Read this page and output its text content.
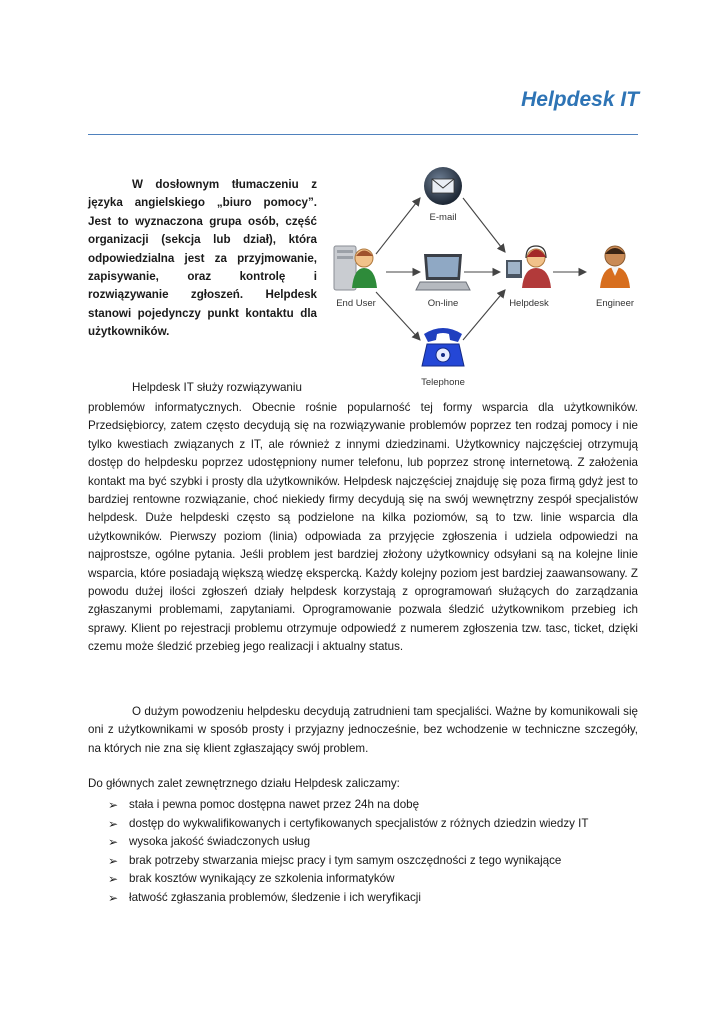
Helpdesk IT

W dosłownym tłumaczeniu z języka angielskiego „biuro pomocy”. Jest to wyznaczona grupa osób, część organizacji (sekcja lub dział), która odpowiedzialna jest za przyjmowanie, zapisywanie, oraz kontrolę i rozwiązywanie zgłoszeń. Helpdesk stanowi pojedynczy punkt kontaktu dla użytkowników.

E-mail
End User	On-line	Helpdesk	Engineer
Telephone

Helpdesk IT służy rozwiązywaniu

problemów informatycznych. Obecnie rośnie popularność tej formy wsparcia dla użytkowników. Przedsiębiorcy, zatem często decydują się na rozwiązywanie problemów poprzez ten rodzaj pomocy i nie tylko kwestiach związanych z IT, ale również z innymi dziedzinami. Użytkownicy najczęściej otrzymują dostęp do helpdesku poprzez udostępniony numer telefonu, lub poprzez stronę internetową. Z założenia kontakt ma być szybki i prosty dla użytkowników. Helpdesk najczęściej znajduję się poza firmą gdyż jest to bardziej rentowne rozwiązanie, choć niekiedy firmy decydują się na swój wewnętrzny zespół specjalistów helpdesk. Duże helpdeski często są podzielone na kilka poziomów, są to tzw. linie wsparcia dla użytkowników. Pierwszy poziom (linia) odpowiada za przyjęcie zgłoszenia i udziela odpowiedzi na najprostsze, ogólne pytania. Jeśli problem jest bardziej złożony użytkownicy odsyłani są na kolejne linie wsparcia, które posiadają większą wiedzę ekspercką. Każdy kolejny poziom jest bardziej zaawansowany. Z powodu dużej ilości zgłoszeń działy helpdesk korzystają z oprogramowań służących do zarządzania zgłaszanymi problemami, zapytaniami. Oprogramowanie pozwala śledzić użytkownikom przebieg ich sprawy. Klient po rejestracji problemu otrzymuje odpowiedź z numerem zgłoszenia tzw. tasc, ticket, dzięki czemu może śledzić przebieg jego realizacji i aktualny status.

O dużym powodzeniu helpdesku decydują zatrudnieni tam specjaliści. Ważne by komunikowali się oni z użytkownikami w sposób prosty i przyjazny jednocześnie, bez wchodzenie w techniczne szczegóły, na których nie zna się klient zgłaszający swój problem.

Do głównych zalet zewnętrznego działu Helpdesk zaliczamy:

➢ stała i pewna pomoc dostępna nawet przez 24h na dobę
➢ dostęp do wykwalifikowanych i certyfikowanych specjalistów z różnych dziedzin wiedzy IT
➢ wysoka jakość świadczonych usług
➢ brak potrzeby stwarzania miejsc pracy i tym samym oszczędności z tego wynikające
➢ brak kosztów wynikający ze szkolenia informatyków
➢ łatwość zgłaszania problemów, śledzenie i ich weryfikacji
